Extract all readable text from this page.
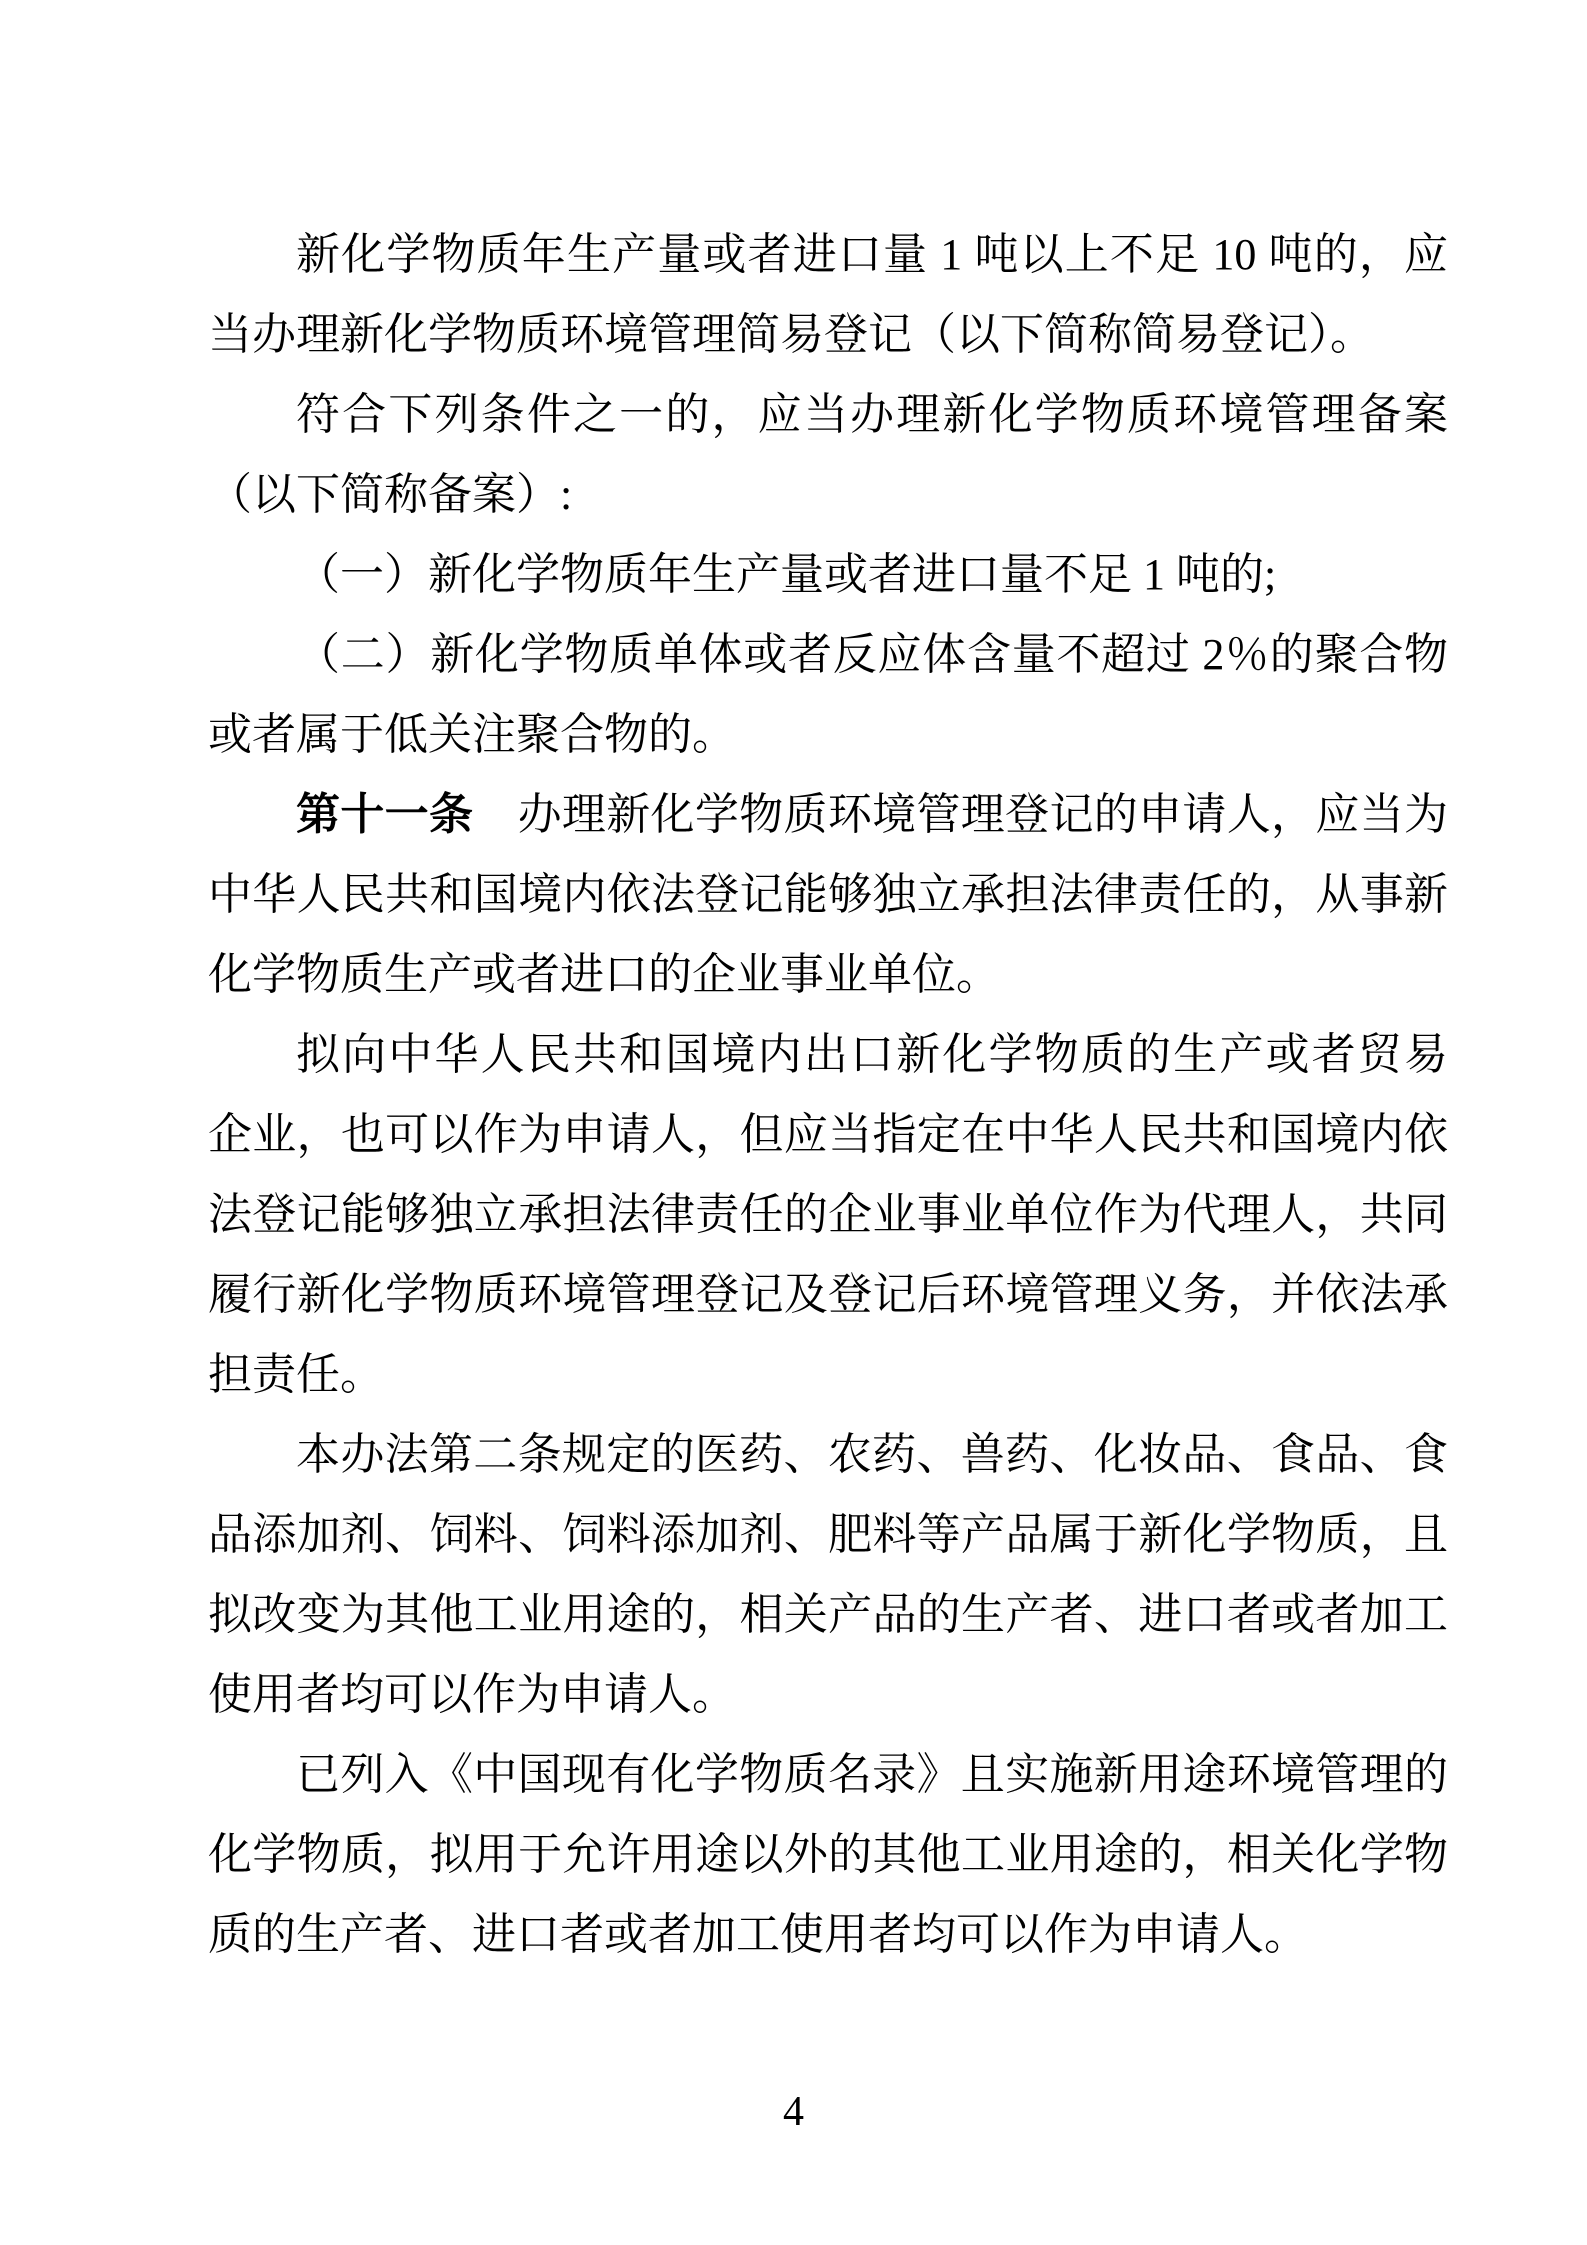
新化学物质年生产量或者进口量 1 吨以上不足 10 吨的，应
当办理新化学物质环境管理简易登记（以下简称简易登记）。
符合下列条件之一的，应当办理新化学物质环境管理备案
（以下简称备案）:
（一）新化学物质年生产量或者进口量不足 1 吨的;
（二）新化学物质单体或者反应体含量不超过 2％的聚合物
或者属于低关注聚合物的。
第十一条　办理新化学物质环境管理登记的申请人，应当为
中华人民共和国境内依法登记能够独立承担法律责任的，从事新
化学物质生产或者进口的企业事业单位。
拟向中华人民共和国境内出口新化学物质的生产或者贸易
企业，也可以作为申请人，但应当指定在中华人民共和国境内依
法登记能够独立承担法律责任的企业事业单位作为代理人，共同
履行新化学物质环境管理登记及登记后环境管理义务，并依法承
担责任。
本办法第二条规定的医药、农药、兽药、化妆品、食品、食
品添加剂、饲料、饲料添加剂、肥料等产品属于新化学物质，且
拟改变为其他工业用途的，相关产品的生产者、进口者或者加工
使用者均可以作为申请人。
已列入《中国现有化学物质名录》且实施新用途环境管理的
化学物质，拟用于允许用途以外的其他工业用途的，相关化学物
质的生产者、进口者或者加工使用者均可以作为申请人。
4
